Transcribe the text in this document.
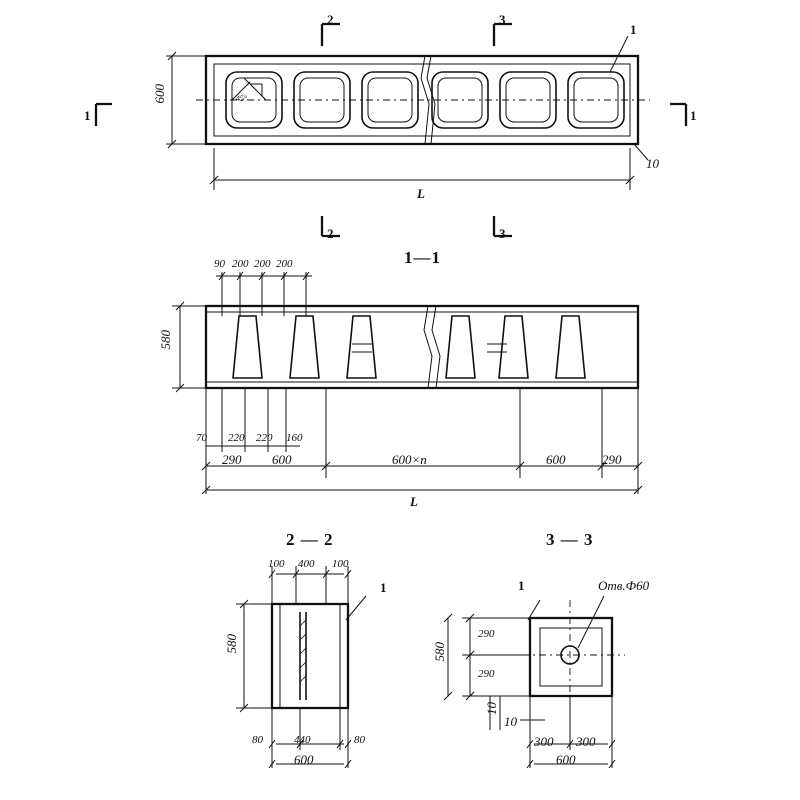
2	3
2	3
1	1
1
10
45°
600
L
1—1
90 200 200 200
580
70 220 220 160
290 600	600×n	600	290
L
2 — 2
100 400 100
1
580
80	440	80
600
3 — 3
1	Отв.Ф60
580
290
290
10
10
300 300
600
